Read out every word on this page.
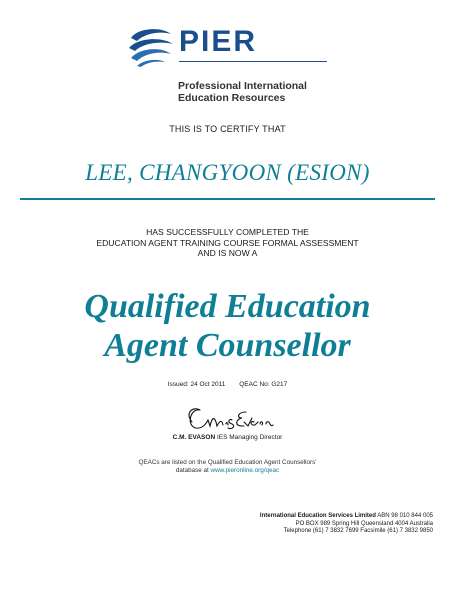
PIER
Professional International
Education Resources
THIS IS TO CERTIFY THAT
LEE, CHANGYOON (ESION)
HAS SUCCESSFULLY COMPLETED THE
EDUCATION AGENT TRAINING COURSE FORMAL ASSESSMENT
AND IS NOW A
Qualified Education
Agent Counsellor
Issued: 24 Oct 2011 QEAC No: G217
C.M. EVASON IES Managing Director
QEACs are listed on the Qualified Education Agent Counsellors'
database at www.pieronline.org/qeac
International Education Services Limited ABN 98 010 844 005
PO BOX 989 Spring Hill Queensland 4004 Australia
Telephone (61) 7 3832 7699 Facsimile (61) 7 3832 9850
